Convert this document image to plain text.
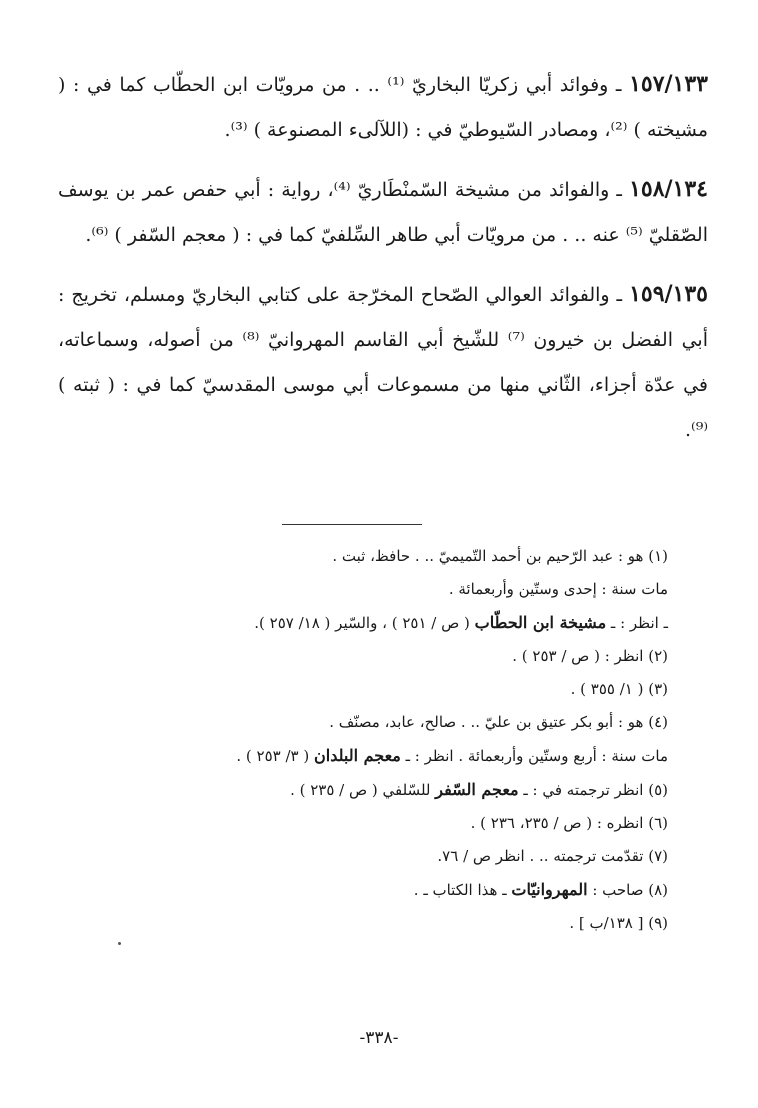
١٥٧/١٣٣ ـ وفوائد أبي زكريّا البخاريّ ⁽¹⁾ .. . من مرويّات ابن الحطّاب كما في : ( مشيخته ) ⁽²⁾، ومصادر السّيوطيّ في : (اللآلىء المصنوعة ) ⁽³⁾.

١٥٨/١٣٤ ـ والفوائد من مشيخة السّمنْطَاريّ ⁽⁴⁾، رواية : أبي حفص عمر بن يوسف الصّقليّ ⁽⁵⁾ عنه .. . من مرويّات أبي طاهر السِّلفيّ كما في : ( معجم السّفر ) ⁽⁶⁾.

١٥٩/١٣٥ ـ والفوائد العوالي الصّحاح المخرّجة على كتابي البخاريّ ومسلم، تخريج : أبي الفضل بن خيرون ⁽⁷⁾ للشّيخ أبي القاسم المهروانيّ ⁽⁸⁾ من أصوله، وسماعاته، في عدّة أجزاء، الثّاني منها من مسموعات أبي موسى المقدسيّ كما في : ( ثبته ) ⁽⁹⁾.

(١) هو : عبد الرّحيم بن أحمد التّميميّ .. . حافظ، ثبت .
مات سنة : إحدى وستّين وأربعمائة .
ـ انظر : ـ مشيخة ابن الحطّاب ( ص / ٢٥١ ) ، والسّير ( ١٨/ ٢٥٧ ).
(٢) انظر : ( ص / ٢٥٣ ) .
(٣) ( ١/ ٣٥٥ ) .
(٤) هو : أبو بكر عتيق بن عليّ .. . صالح، عابد، مصنّف .
مات سنة : أربع وستّين وأربعمائة . انظر : ـ معجم البلدان ( ٣/ ٢٥٣ ) .
(٥) انظر ترجمته في : ـ معجم السّفر للسّلفي ( ص / ٢٣٥ ) .
(٦) انظره : ( ص / ٢٣٥، ٢٣٦ ) .
(٧) تقدّمت ترجمته .. . انظر ص / ٧٦.
(٨) صاحب : المهروانيّات ـ هذا الكتاب ـ .
(٩) [ ١٣٨/ب ] .
-٣٣٨-
